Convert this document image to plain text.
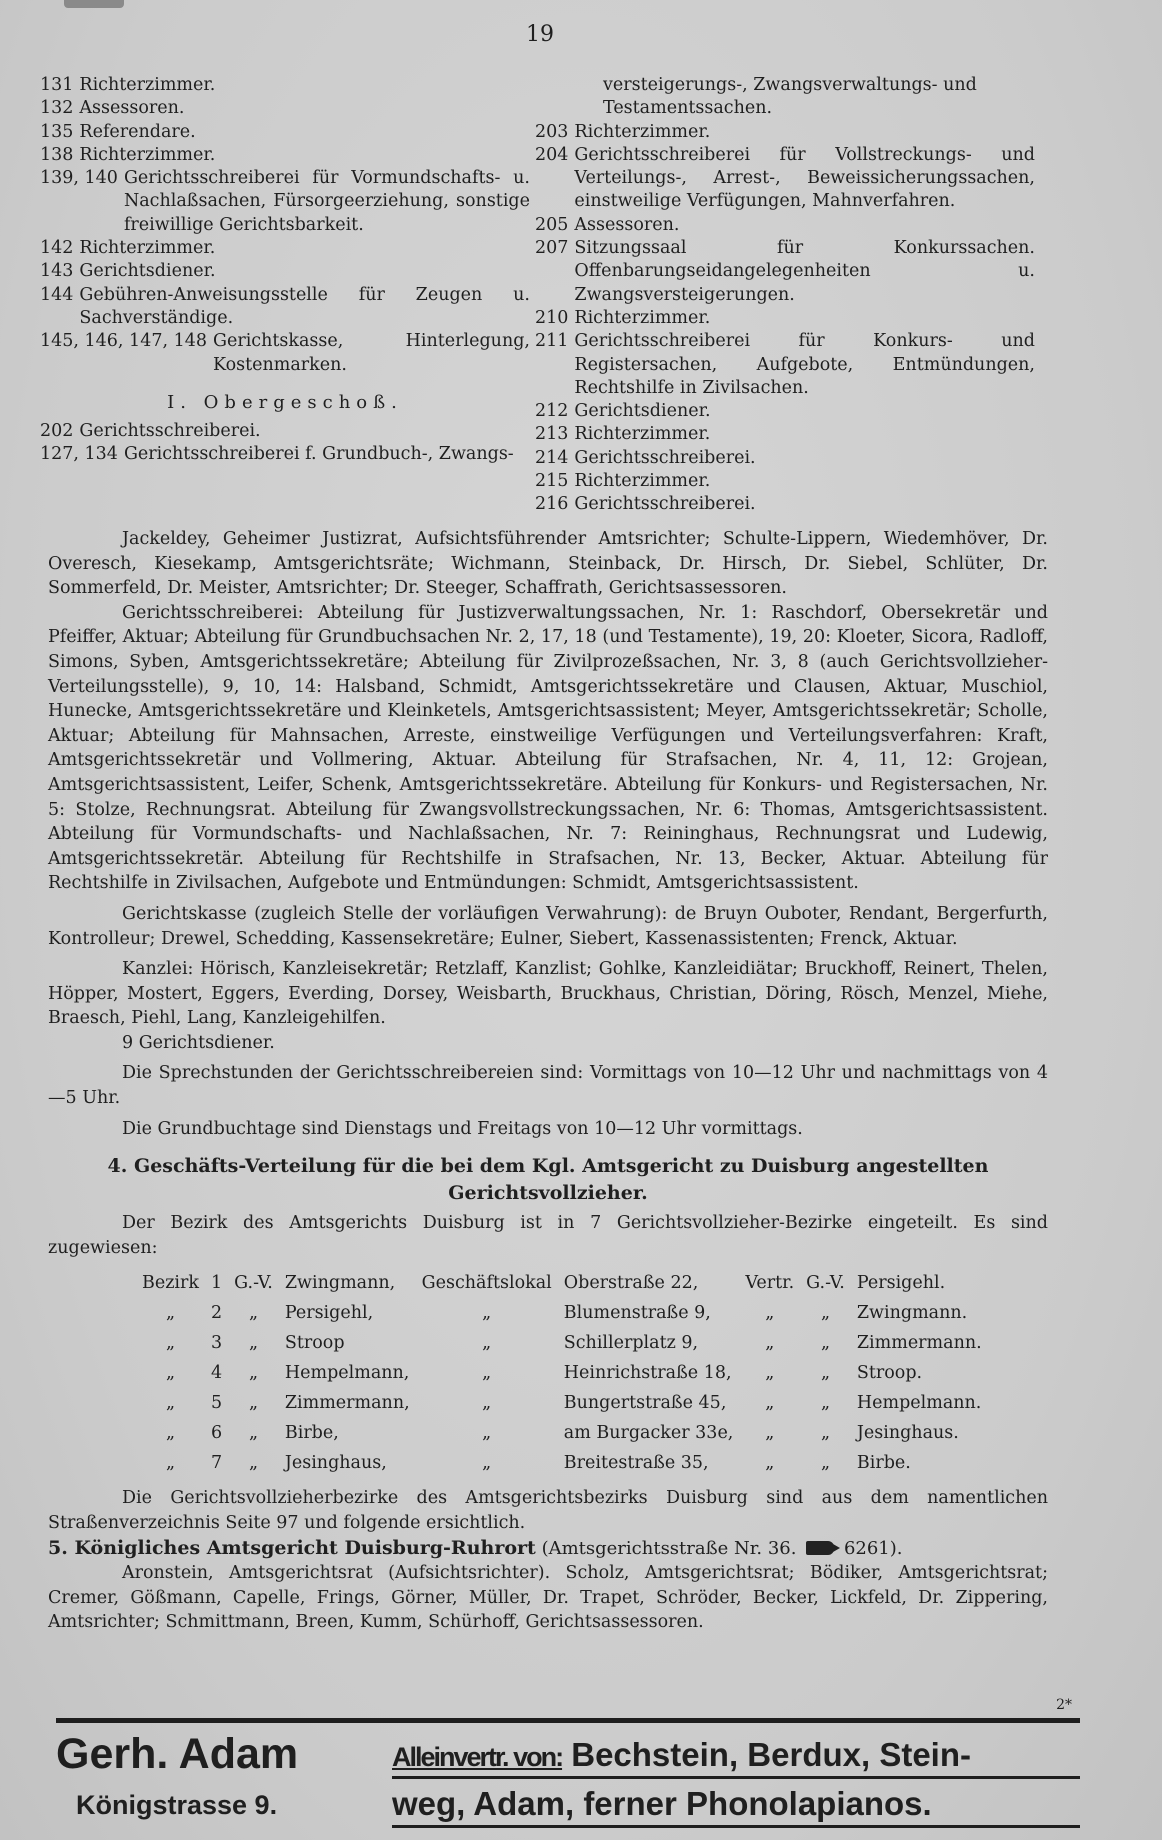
19
131 Richterzimmer.
132 Assessoren.
135 Referendare.
138 Richterzimmer.
139, 140 Gerichtsschreiberei für Vormundschafts- u. Nachlaßsachen, Fürsorgeerziehung, sonstige freiwillige Gerichtsbarkeit.
142 Richterzimmer.
143 Gerichtsdiener.
144 Gebühren-Anweisungsstelle für Zeugen u. Sachverständige.
145, 146, 147, 148 Gerichtskasse, Hinterlegung, Kostenmarken.
I. Obergeschoß.
202 Gerichtsschreiberei.
127, 134 Gerichtsschreiberei f. Grundbuch-, Zwangs-
versteigerungs-, Zwangsverwaltungs- und Testamentssachen.
203 Richterzimmer.
204 Gerichtsschreiberei für Vollstreckungs- und Verteilungs-, Arrest-, Beweissicherungssachen, einstweilige Verfügungen, Mahnverfahren.
205 Assessoren.
207 Sitzungssaal für Konkurssachen. Offenbarungseidangelegenheiten u. Zwangsversteigerungen.
210 Richterzimmer.
211 Gerichtsschreiberei für Konkurs- und Registersachen, Aufgebote, Entmündungen, Rechtshilfe in Zivilsachen.
212 Gerichtsdiener.
213 Richterzimmer.
214 Gerichtsschreiberei.
215 Richterzimmer.
216 Gerichtsschreiberei.

Jackeldey, Geheimer Justizrat, Aufsichtsführender Amtsrichter; Schulte-Lippern, Wiedemhöver, Dr. Overesch, Kiesekamp, Amtsgerichtsräte; Wichmann, Steinback, Dr. Hirsch, Dr. Siebel, Schlüter, Dr. Sommerfeld, Dr. Meister, Amtsrichter; Dr. Steeger, Schaffrath, Gerichtsassessoren.

Gerichtsschreiberei: Abteilung für Justizverwaltungssachen, Nr. 1: Raschdorf, Obersekretär und Pfeiffer, Aktuar; Abteilung für Grundbuchsachen Nr. 2, 17, 18 (und Testamente), 19, 20: Kloeter, Sicora, Radloff, Simons, Syben, Amtsgerichtssekretäre; Abteilung für Zivilprozeßsachen, Nr. 3, 8 (auch Gerichtsvollzieher-Verteilungsstelle), 9, 10, 14: Halsband, Schmidt, Amtsgerichtssekretäre und Clausen, Aktuar, Muschiol, Hunecke, Amtsgerichtssekretäre und Kleinketels, Amtsgerichtsassistent; Meyer, Amtsgerichtssekretär; Scholle, Aktuar; Abteilung für Mahnsachen, Arreste, einstweilige Verfügungen und Verteilungsverfahren: Kraft, Amtsgerichtssekretär und Vollmering, Aktuar. Abteilung für Strafsachen, Nr. 4, 11, 12: Grojean, Amtsgerichtsassistent, Leifer, Schenk, Amtsgerichtssekretäre. Abteilung für Konkurs- und Registersachen, Nr. 5: Stolze, Rechnungsrat. Abteilung für Zwangsvollstreckungssachen, Nr. 6: Thomas, Amtsgerichtsassistent. Abteilung für Vormundschafts- und Nachlaßsachen, Nr. 7: Reininghaus, Rechnungsrat und Ludewig, Amtsgerichtssekretär. Abteilung für Rechtshilfe in Strafsachen, Nr. 13, Becker, Aktuar. Abteilung für Rechtshilfe in Zivilsachen, Aufgebote und Entmündungen: Schmidt, Amtsgerichtsassistent.

Gerichtskasse (zugleich Stelle der vorläufigen Verwahrung): de Bruyn Ouboter, Rendant, Bergerfurth, Kontrolleur; Drewel, Schedding, Kassensekretäre; Eulner, Siebert, Kassenassistenten; Frenck, Aktuar.

Kanzlei: Hörisch, Kanzleisekretär; Retzlaff, Kanzlist; Gohlke, Kanzleidiätar; Bruckhoff, Reinert, Thelen, Höpper, Mostert, Eggers, Everding, Dorsey, Weisbarth, Bruckhaus, Christian, Döring, Rösch, Menzel, Miehe, Braesch, Piehl, Lang, Kanzleigehilfen.

9 Gerichtsdiener.

Die Sprechstunden der Gerichtsschreibereien sind: Vormittags von 10—12 Uhr und nachmittags von 4—5 Uhr.

Die Grundbuchtage sind Dienstags und Freitags von 10—12 Uhr vormittags.

4. Geschäfts-Verteilung für die bei dem Kgl. Amtsgericht zu Duisburg angestellten Gerichtsvollzieher.

Der Bezirk des Amtsgerichts Duisburg ist in 7 Gerichtsvollzieher-Bezirke eingeteilt. Es sind zugewiesen:

Bezirk	1	G.-V.	Zwingmann,	Geschäftslokal	Oberstraße 22,	Vertr.	G.-V.	Persigehl.
„	2	„	Persigehl,	„	Blumenstraße 9,	„	„	Zwingmann.
„	3	„	Stroop	„	Schillerplatz 9,	„	„	Zimmermann.
„	4	„	Hempelmann,	„	Heinrichstraße 18,	„	„	Stroop.
„	5	„	Zimmermann,	„	Bungertstraße 45,	„	„	Hempelmann.
„	6	„	Birbe,	„	am Burgacker 33e,	„	„	Jesinghaus.
„	7	„	Jesinghaus,	„	Breitestraße 35,	„	„	Birbe.

Die Gerichtsvollzieherbezirke des Amtsgerichtsbezirks Duisburg sind aus dem namentlichen Straßenverzeichnis Seite 97 und folgende ersichtlich.

5. Königliches Amtsgericht Duisburg-Ruhrort (Amtsgerichtsstraße Nr. 36.	6261).

Aronstein, Amtsgerichtsrat (Aufsichtsrichter). Scholz, Amtsgerichtsrat; Bödiker, Amtsgerichtsrat; Cremer, Gößmann, Capelle, Frings, Görner, Müller, Dr. Trapet, Schröder, Becker, Lickfeld, Dr. Zippering, Amtsrichter; Schmittmann, Breen, Kumm, Schürhoff, Gerichtsassessoren.

2*
Gerh. Adam
Königstrasse 9.
Alleinvertr. von: Bechstein, Berdux, Stein-
weg, Adam, ferner Phonolapianos.
